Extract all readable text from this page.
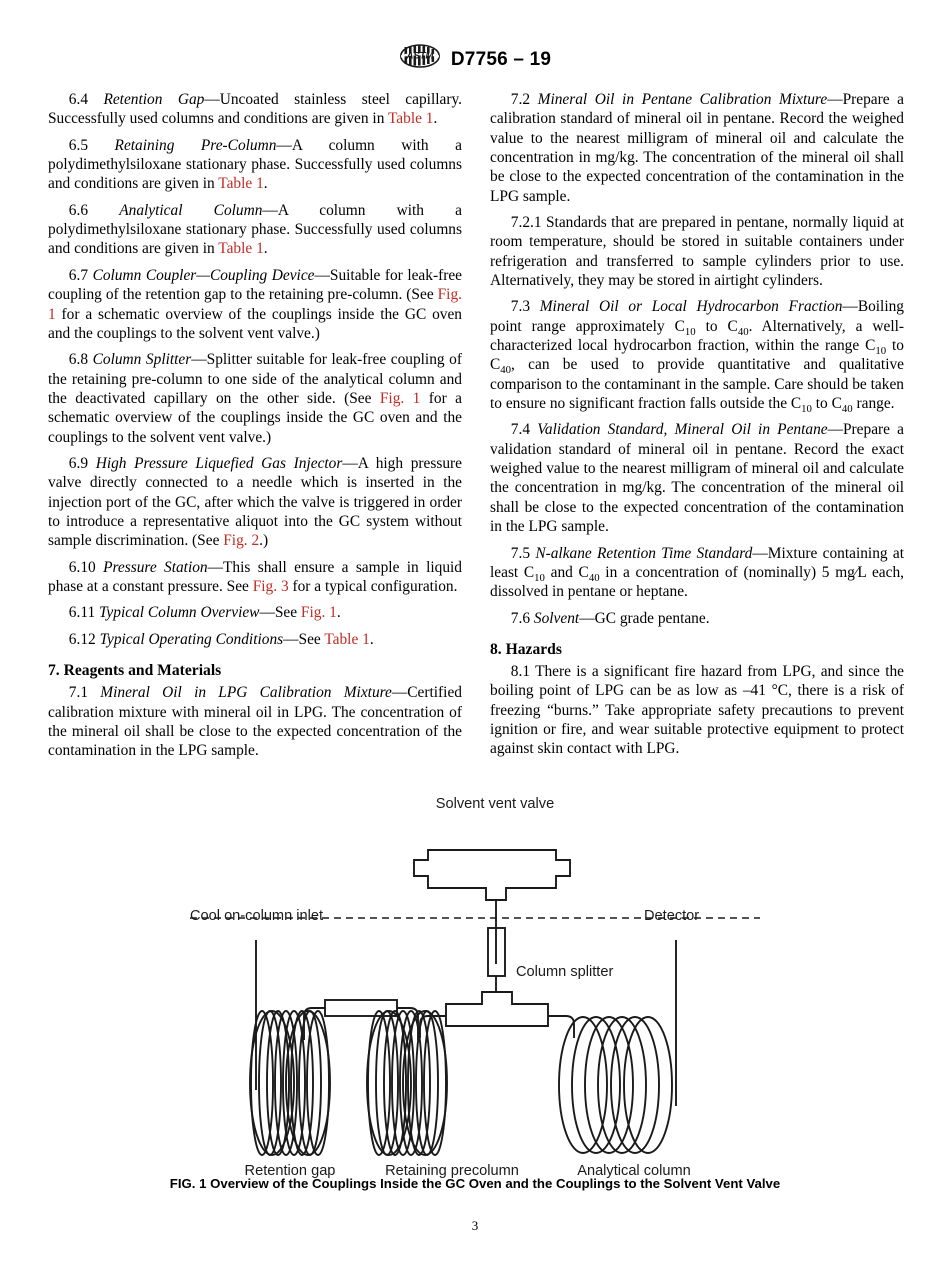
ASTM D7756 – 19

6.4 Retention Gap—Uncoated stainless steel capillary. Successfully used columns and conditions are given in Table 1.

6.5 Retaining Pre-Column—A column with a polydimethylsiloxane stationary phase. Successfully used columns and conditions are given in Table 1.

6.6 Analytical Column—A column with a polydimethylsiloxane stationary phase. Successfully used columns and conditions are given in Table 1.

6.7 Column Coupler—Coupling Device—Suitable for leak-free coupling of the retention gap to the retaining pre-column. (See Fig. 1 for a schematic overview of the couplings inside the GC oven and the couplings to the solvent vent valve.)

6.8 Column Splitter—Splitter suitable for leak-free coupling of the retaining pre-column to one side of the analytical column and the deactivated capillary on the other side. (See Fig. 1 for a schematic overview of the couplings inside the GC oven and the couplings to the solvent vent valve.)

6.9 High Pressure Liquefied Gas Injector—A high pressure valve directly connected to a needle which is inserted in the injection port of the GC, after which the valve is triggered in order to introduce a representative aliquot into the GC system without sample discrimination. (See Fig. 2.)

6.10 Pressure Station—This shall ensure a sample in liquid phase at a constant pressure. See Fig. 3 for a typical configuration.

6.11 Typical Column Overview—See Fig. 1.

6.12 Typical Operating Conditions—See Table 1.

7. Reagents and Materials

7.1 Mineral Oil in LPG Calibration Mixture—Certified calibration mixture with mineral oil in LPG. The concentration of the mineral oil shall be close to the expected concentration of the contamination in the LPG sample.

7.2 Mineral Oil in Pentane Calibration Mixture—Prepare a calibration standard of mineral oil in pentane. Record the weighed value to the nearest milligram of mineral oil and calculate the concentration in mg/kg. The concentration of the mineral oil shall be close to the expected concentration of the contamination in the LPG sample.

7.2.1 Standards that are prepared in pentane, normally liquid at room temperature, should be stored in suitable containers under refrigeration and transferred to sample cylinders prior to use. Alternatively, they may be stored in airtight cylinders.

7.3 Mineral Oil or Local Hydrocarbon Fraction—Boiling point range approximately $C_{10}$ to $C_{40}$. Alternatively, a well-characterized local hydrocarbon fraction, within the range $C_{10}$ to $C_{40}$, can be used to provide quantitative and qualitative comparison to the contaminant in the sample. Care should be taken to ensure no significant fraction falls outside the $C_{10}$ to $C_{40}$ range.

7.4 Validation Standard, Mineral Oil in Pentane—Prepare a validation standard of mineral oil in pentane. Record the exact weighed value to the nearest milligram of mineral oil and calculate the concentration in mg/kg. The concentration of the mineral oil shall be close to the expected concentration of the contamination in the LPG sample.

7.5 N-alkane Retention Time Standard—Mixture containing at least $C_{10}$ and $C_{40}$ in a concentration of (nominally) 5 mg∕L each, dissolved in pentane or heptane.

7.6 Solvent—GC grade pentane.

8. Hazards

8.1 There is a significant fire hazard from LPG, and since the boiling point of LPG can be as low as –41 °C, there is a risk of freezing “burns.” Take appropriate safety precautions to prevent ignition or fire, and wear suitable protective equipment to protect against skin contact with LPG.

Solvent vent valve
Cool on-column inlet	Detector
Column splitter
Retention gap	Retaining precolumn	Analytical column
FIG. 1 Overview of the Couplings Inside the GC Oven and the Couplings to the Solvent Vent Valve
3
